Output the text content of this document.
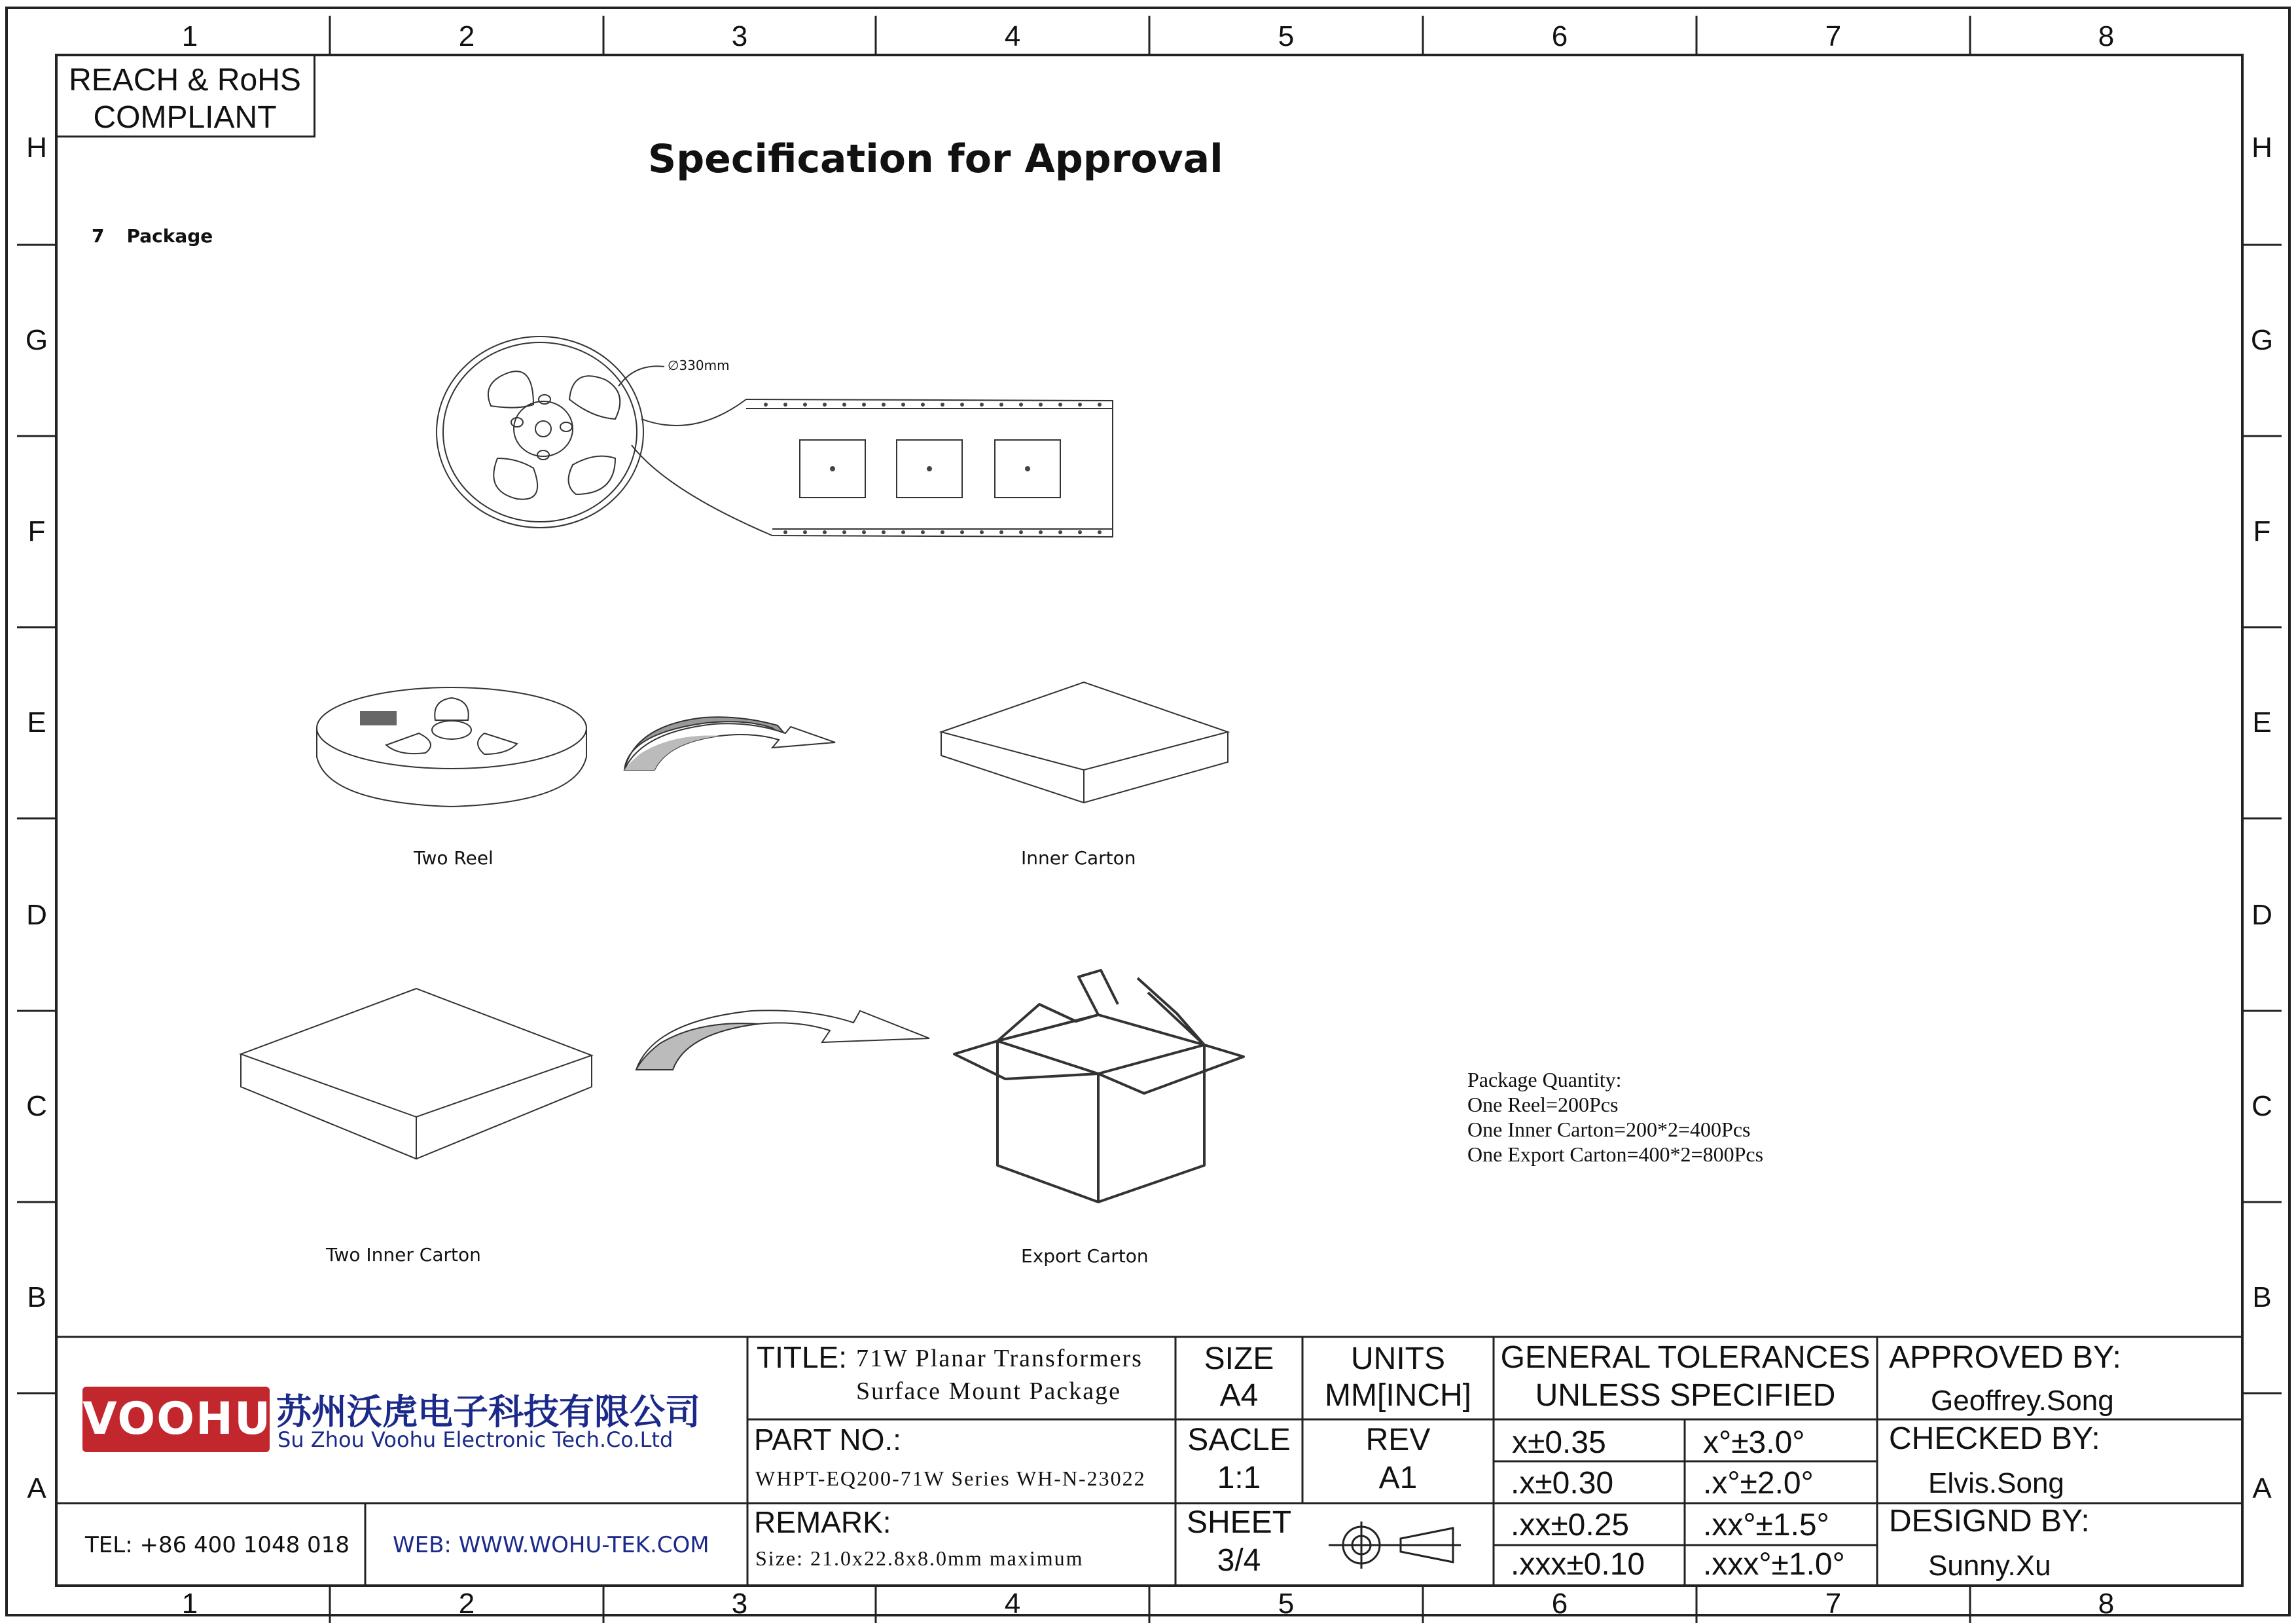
1	2	3	4	5	6	7	8
1	2	3	4	5	6	7	8
H
G
F
E
D
C
B
A
H
G
F
E
D
C
B
A
REACH & RoHS
COMPLIANT
Specification for Approval
7 Package
∅330mm
Two Reel	Inner Carton
Two Inner Carton	Export Carton
Package Quantity:
One Reel=200Pcs
One Inner Carton=200*2=400Pcs
One Export Carton=400*2=800Pcs
VOOHU 苏州沃虎电子科技有限公司
Su Zhou Voohu Electronic Tech.Co.Ltd
TEL: +86 400 1048 018 WEB: WWW.WOHU-TEK.COM
TITLE: 71W Planar Transformers
Surface Mount Package
PART NO.:
WHPT-EQ200-71W Series WH-N-23022
REMARK:
Size: 21.0x22.8x8.0mm maximum
SIZE
A4
SACLE
1:1
SHEET
3/4
UNITS
MM[INCH]
REV
A1
GENERAL TOLERANCES
UNLESS SPECIFIED
x±0.35	x°±3.0°
.x±0.30	.x°±2.0°
.xx±0.25 .xx°±1.5°
.xxx±0.10 .xxx°±1.0°
APPROVED BY:
Geoffrey.Song
CHECKED BY:
Elvis.Song
DESIGND BY:
Sunny.Xu
